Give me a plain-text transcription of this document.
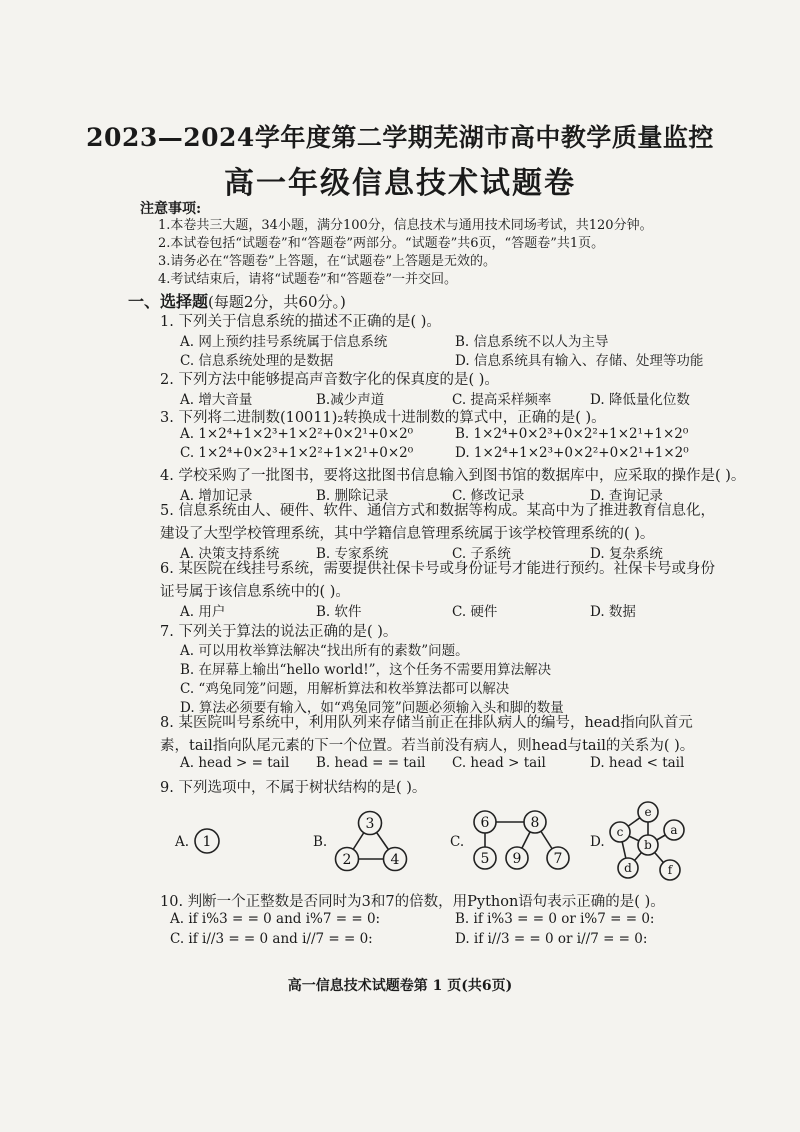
2023—2024学年度第二学期芜湖市高中教学质量监控
高一年级信息技术试题卷
注意事项:
1.本卷共三大题，34小题，满分100分，信息技术与通用技术同场考试，共120分钟。
2.本试卷包括“试题卷”和“答题卷”两部分。“试题卷”共6页，“答题卷”共1页。
3.请务必在“答题卷”上答题，在“试题卷”上答题是无效的。
4.考试结束后，请将“试题卷”和“答题卷”一并交回。
一、选择题(每题2分，共60分。)
1. 下列关于信息系统的描述不正确的是( )。
A. 网上预约挂号系统属于信息系统	B. 信息系统不以人为主导
C. 信息系统处理的是数据	D. 信息系统具有输入、存储、处理等功能
2. 下列方法中能够提高声音数字化的保真度的是( )。
A. 增大音量	B.减少声道	C. 提高采样频率	D. 降低量化位数
3. 下列将二进制数(10011)₂转换成十进制数的算式中，正确的是( )。
A. 1×2⁴+1×2³+1×2²+0×2¹+0×2⁰	B. 1×2⁴+0×2³+0×2²+1×2¹+1×2⁰
C. 1×2⁴+0×2³+1×2²+1×2¹+0×2⁰	D. 1×2⁴+1×2³+0×2²+0×2¹+1×2⁰
4. 学校采购了一批图书，要将这批图书信息输入到图书馆的数据库中，应采取的操作是( )。
A. 增加记录	B. 删除记录	C. 修改记录	D. 查询记录
5. 信息系统由人、硬件、软件、通信方式和数据等构成。某高中为了推进教育信息化，建设了大型学校管理系统，其中学籍信息管理系统属于该学校管理系统的( )。
A. 决策支持系统	B. 专家系统	C. 子系统	D. 复杂系统
6. 某医院在线挂号系统，需要提供社保卡号或身份证号才能进行预约。社保卡号或身份证号属于该信息系统中的( )。
A. 用户	B. 软件	C. 硬件	D. 数据
7. 下列关于算法的说法正确的是( )。
A. 可以用枚举算法解决“找出所有的素数”问题。
B. 在屏幕上输出“hello world!”，这个任务不需要用算法解决
C. “鸡兔同笼”问题，用解析算法和枚举算法都可以解决
D. 算法必须要有输入，如“鸡兔同笼”问题必须输入头和脚的数量
8. 某医院叫号系统中，利用队列来存储当前正在排队病人的编号，head指向队首元素，tail指向队尾元素的下一个位置。若当前没有病人，则head与tail的关系为( )。
A. head > = tail B. head = = tail C. head > tail	D. head < tail
9. 下列选项中，不属于树状结构的是( )。
A.	B.	C.	D.
1
3
2	4
6	8
5 9 7
e
c
b
a
d	f
10. 判断一个正整数是否同时为3和7的倍数，用Python语句表示正确的是( )。
A. if i%3 = = 0 and i%7 = = 0:	B. if i%3 = = 0 or i%7 = = 0:
C. if i//3 = = 0 and i//7 = = 0:	D. if i//3 = = 0 or i//7 = = 0:
高一信息技术试题卷第 1 页(共6页)
